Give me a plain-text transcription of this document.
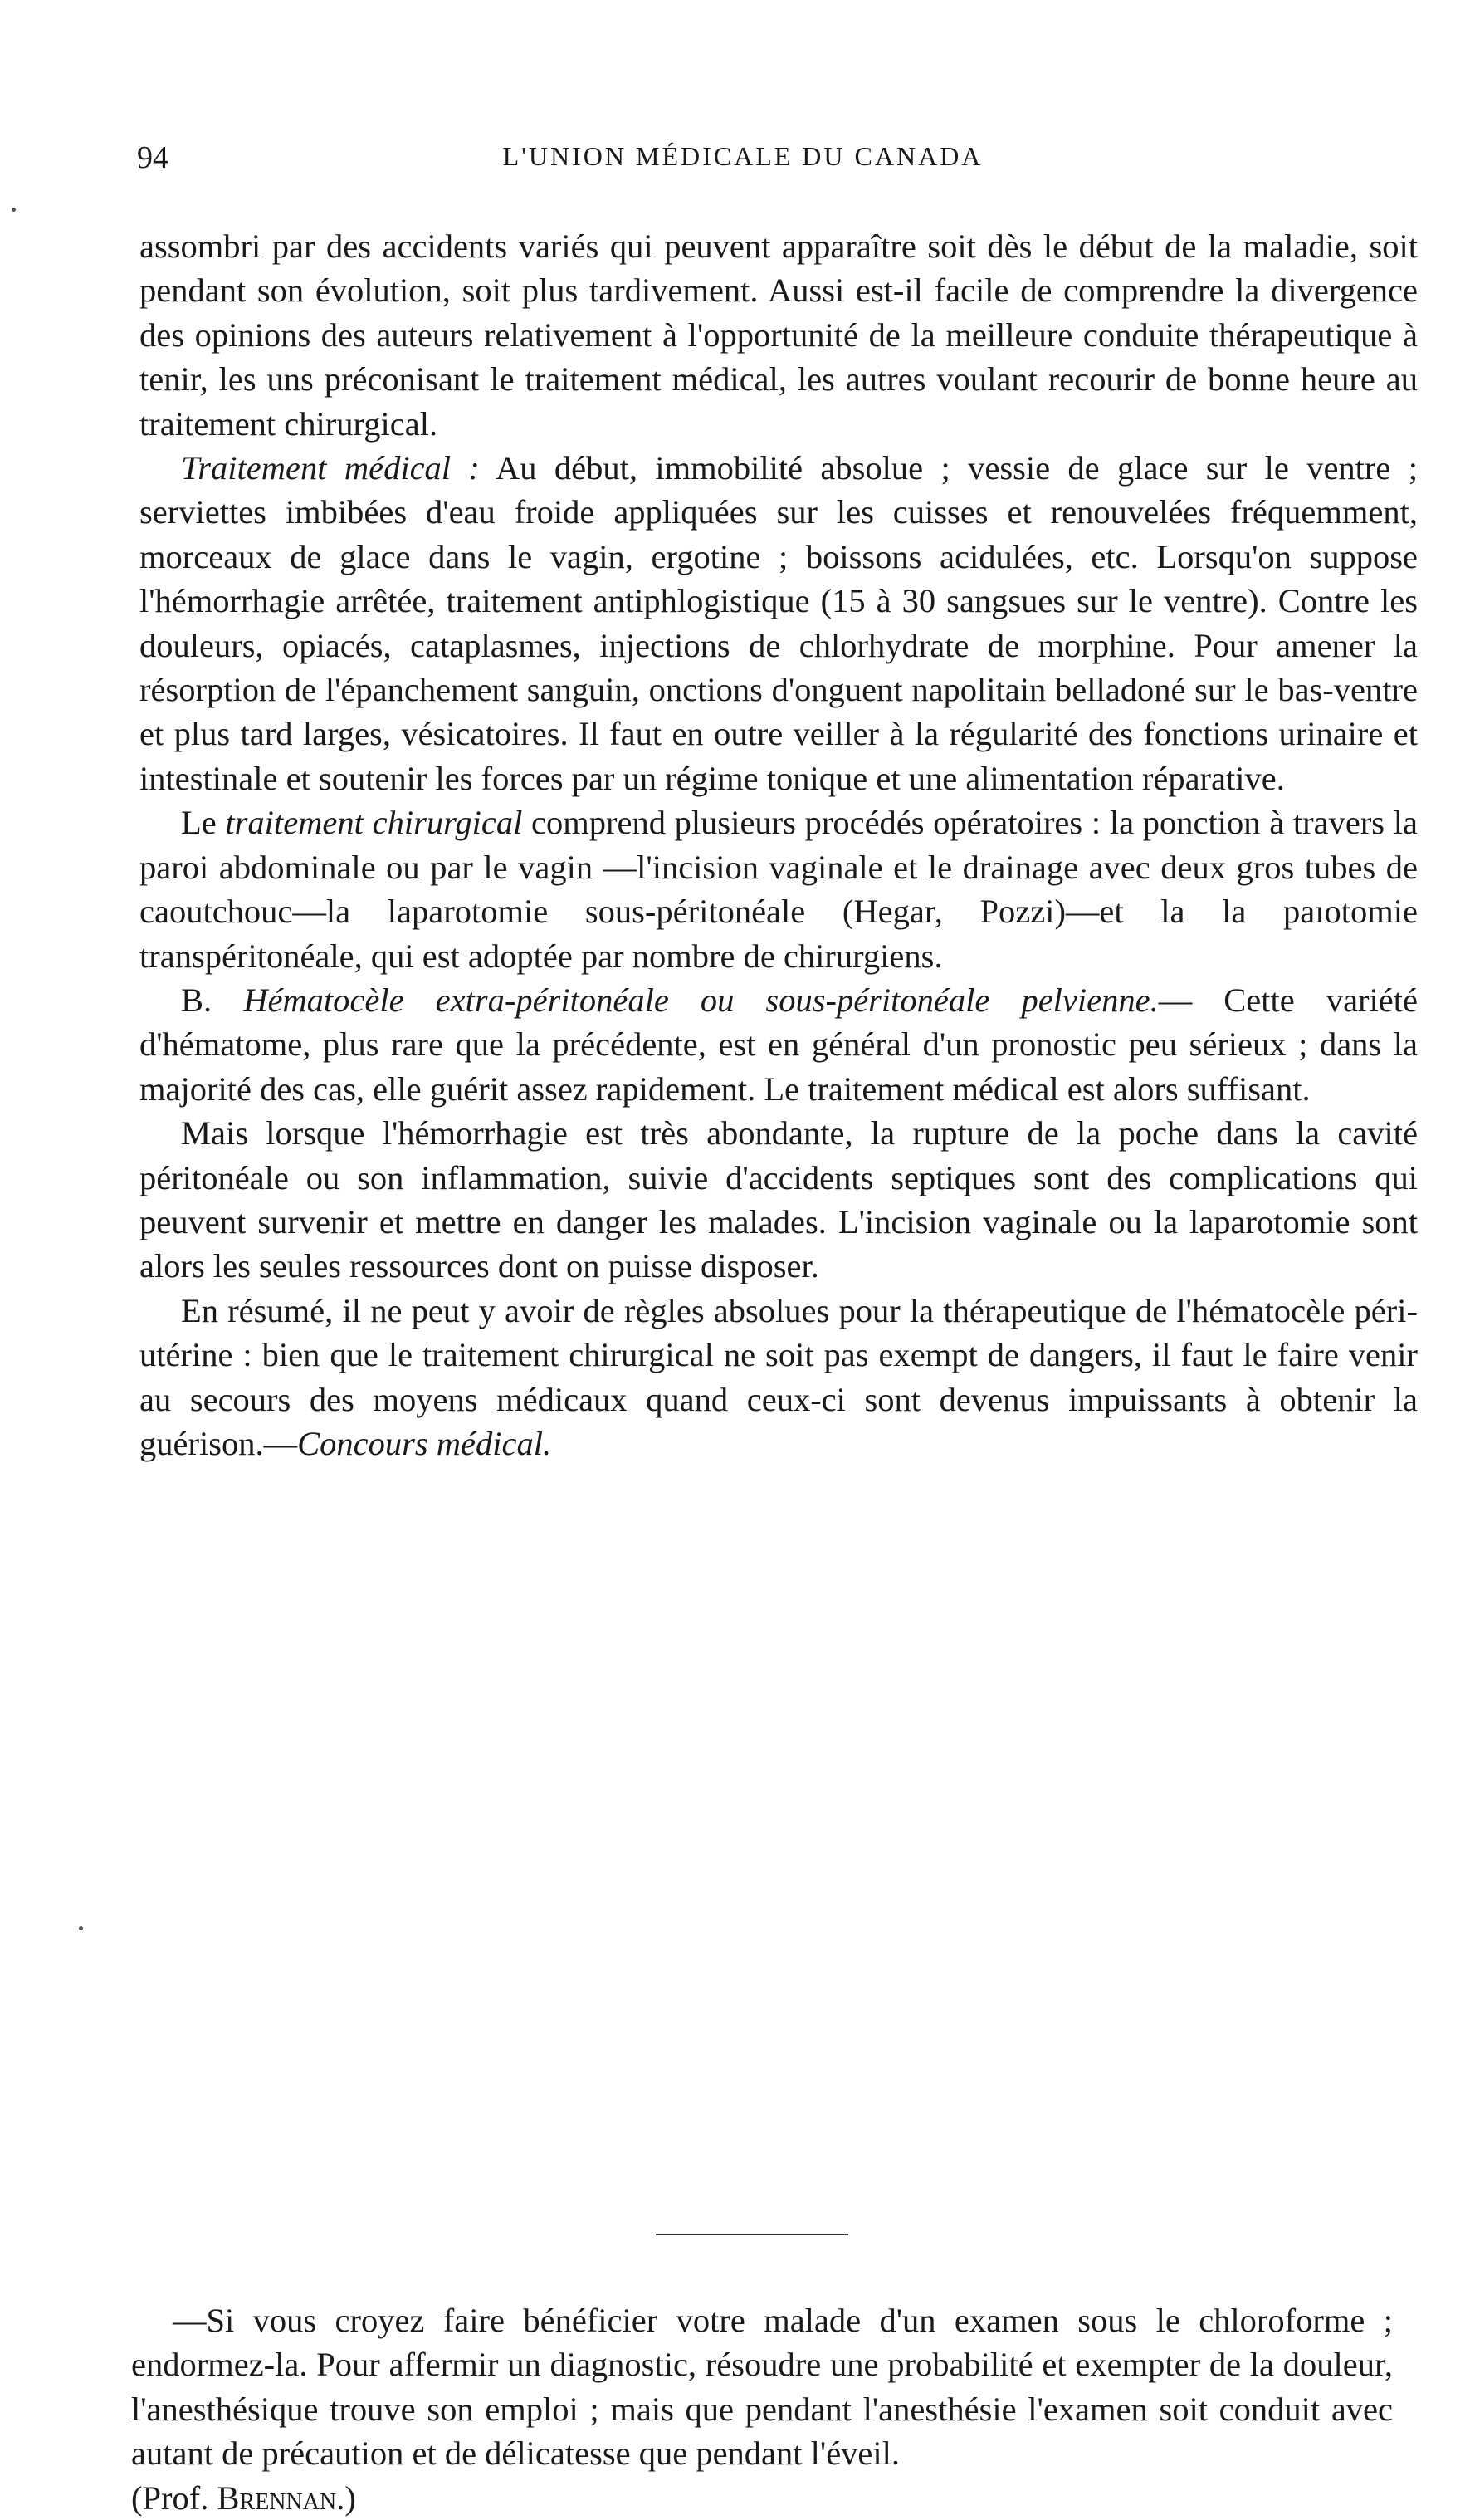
94	L'UNION MÉDICALE DU CANADA

assombri par des accidents variés qui peuvent apparaître soit dès le début de la maladie, soit pendant son évolution, soit plus tardivement. Aussi est-il facile de comprendre la divergence des opinions des auteurs relativement à l'opportunité de la meilleure conduite thérapeutique à tenir, les uns préconisant le traitement médical, les autres voulant recourir de bonne heure au traitement chirurgical.

Traitement médical : Au début, immobilité absolue ; vessie de glace sur le ventre ; serviettes imbibées d'eau froide appliquées sur les cuisses et renouvelées fréquemment, morceaux de glace dans le vagin, ergotine ; boissons acidulées, etc. Lorsqu'on suppose l'hémorrhagie arrêtée, traitement antiphlogistique (15 à 30 sangsues sur le ventre). Contre les douleurs, opiacés, cataplasmes, injections de chlorhydrate de morphine. Pour amener la résorption de l'épanchement sanguin, onctions d'onguent napolitain belladoné sur le bas-ventre et plus tard larges, vésicatoires. Il faut en outre veiller à la régularité des fonctions urinaire et intestinale et soutenir les forces par un régime tonique et une alimentation réparative.

Le traitement chirurgical comprend plusieurs procédés opératoires : la ponction à travers la paroi abdominale ou par le vagin —l'incision vaginale et le drainage avec deux gros tubes de caoutchouc—la laparotomie sous-péritonéale (Hegar, Pozzi)—et la la paıotomie transpéritonéale, qui est adoptée par nombre de chirurgiens.

B. Hématocèle extra-péritonéale ou sous-péritonéale pelvienne.— Cette variété d'hématome, plus rare que la précédente, est en général d'un pronostic peu sérieux ; dans la majorité des cas, elle guérit assez rapidement. Le traitement médical est alors suffisant.

Mais lorsque l'hémorrhagie est très abondante, la rupture de la poche dans la cavité péritonéale ou son inflammation, suivie d'accidents septiques sont des complications qui peuvent survenir et mettre en danger les malades. L'incision vaginale ou la laparotomie sont alors les seules ressources dont on puisse disposer.

En résumé, il ne peut y avoir de règles absolues pour la thérapeutique de l'hématocèle péri-utérine : bien que le traitement chirurgical ne soit pas exempt de dangers, il faut le faire venir au secours des moyens médicaux quand ceux-ci sont devenus impuissants à obtenir la guérison.—Concours médical.

—Si vous croyez faire bénéficier votre malade d'un examen sous le chloroforme ; endormez-la. Pour affermir un diagnostic, résoudre une probabilité et exempter de la douleur, l'anesthésique trouve son emploi ; mais que pendant l'anesthésie l'examen soit conduit avec autant de précaution et de délicatesse que pendant l'éveil.
(Prof. Brennan.)
